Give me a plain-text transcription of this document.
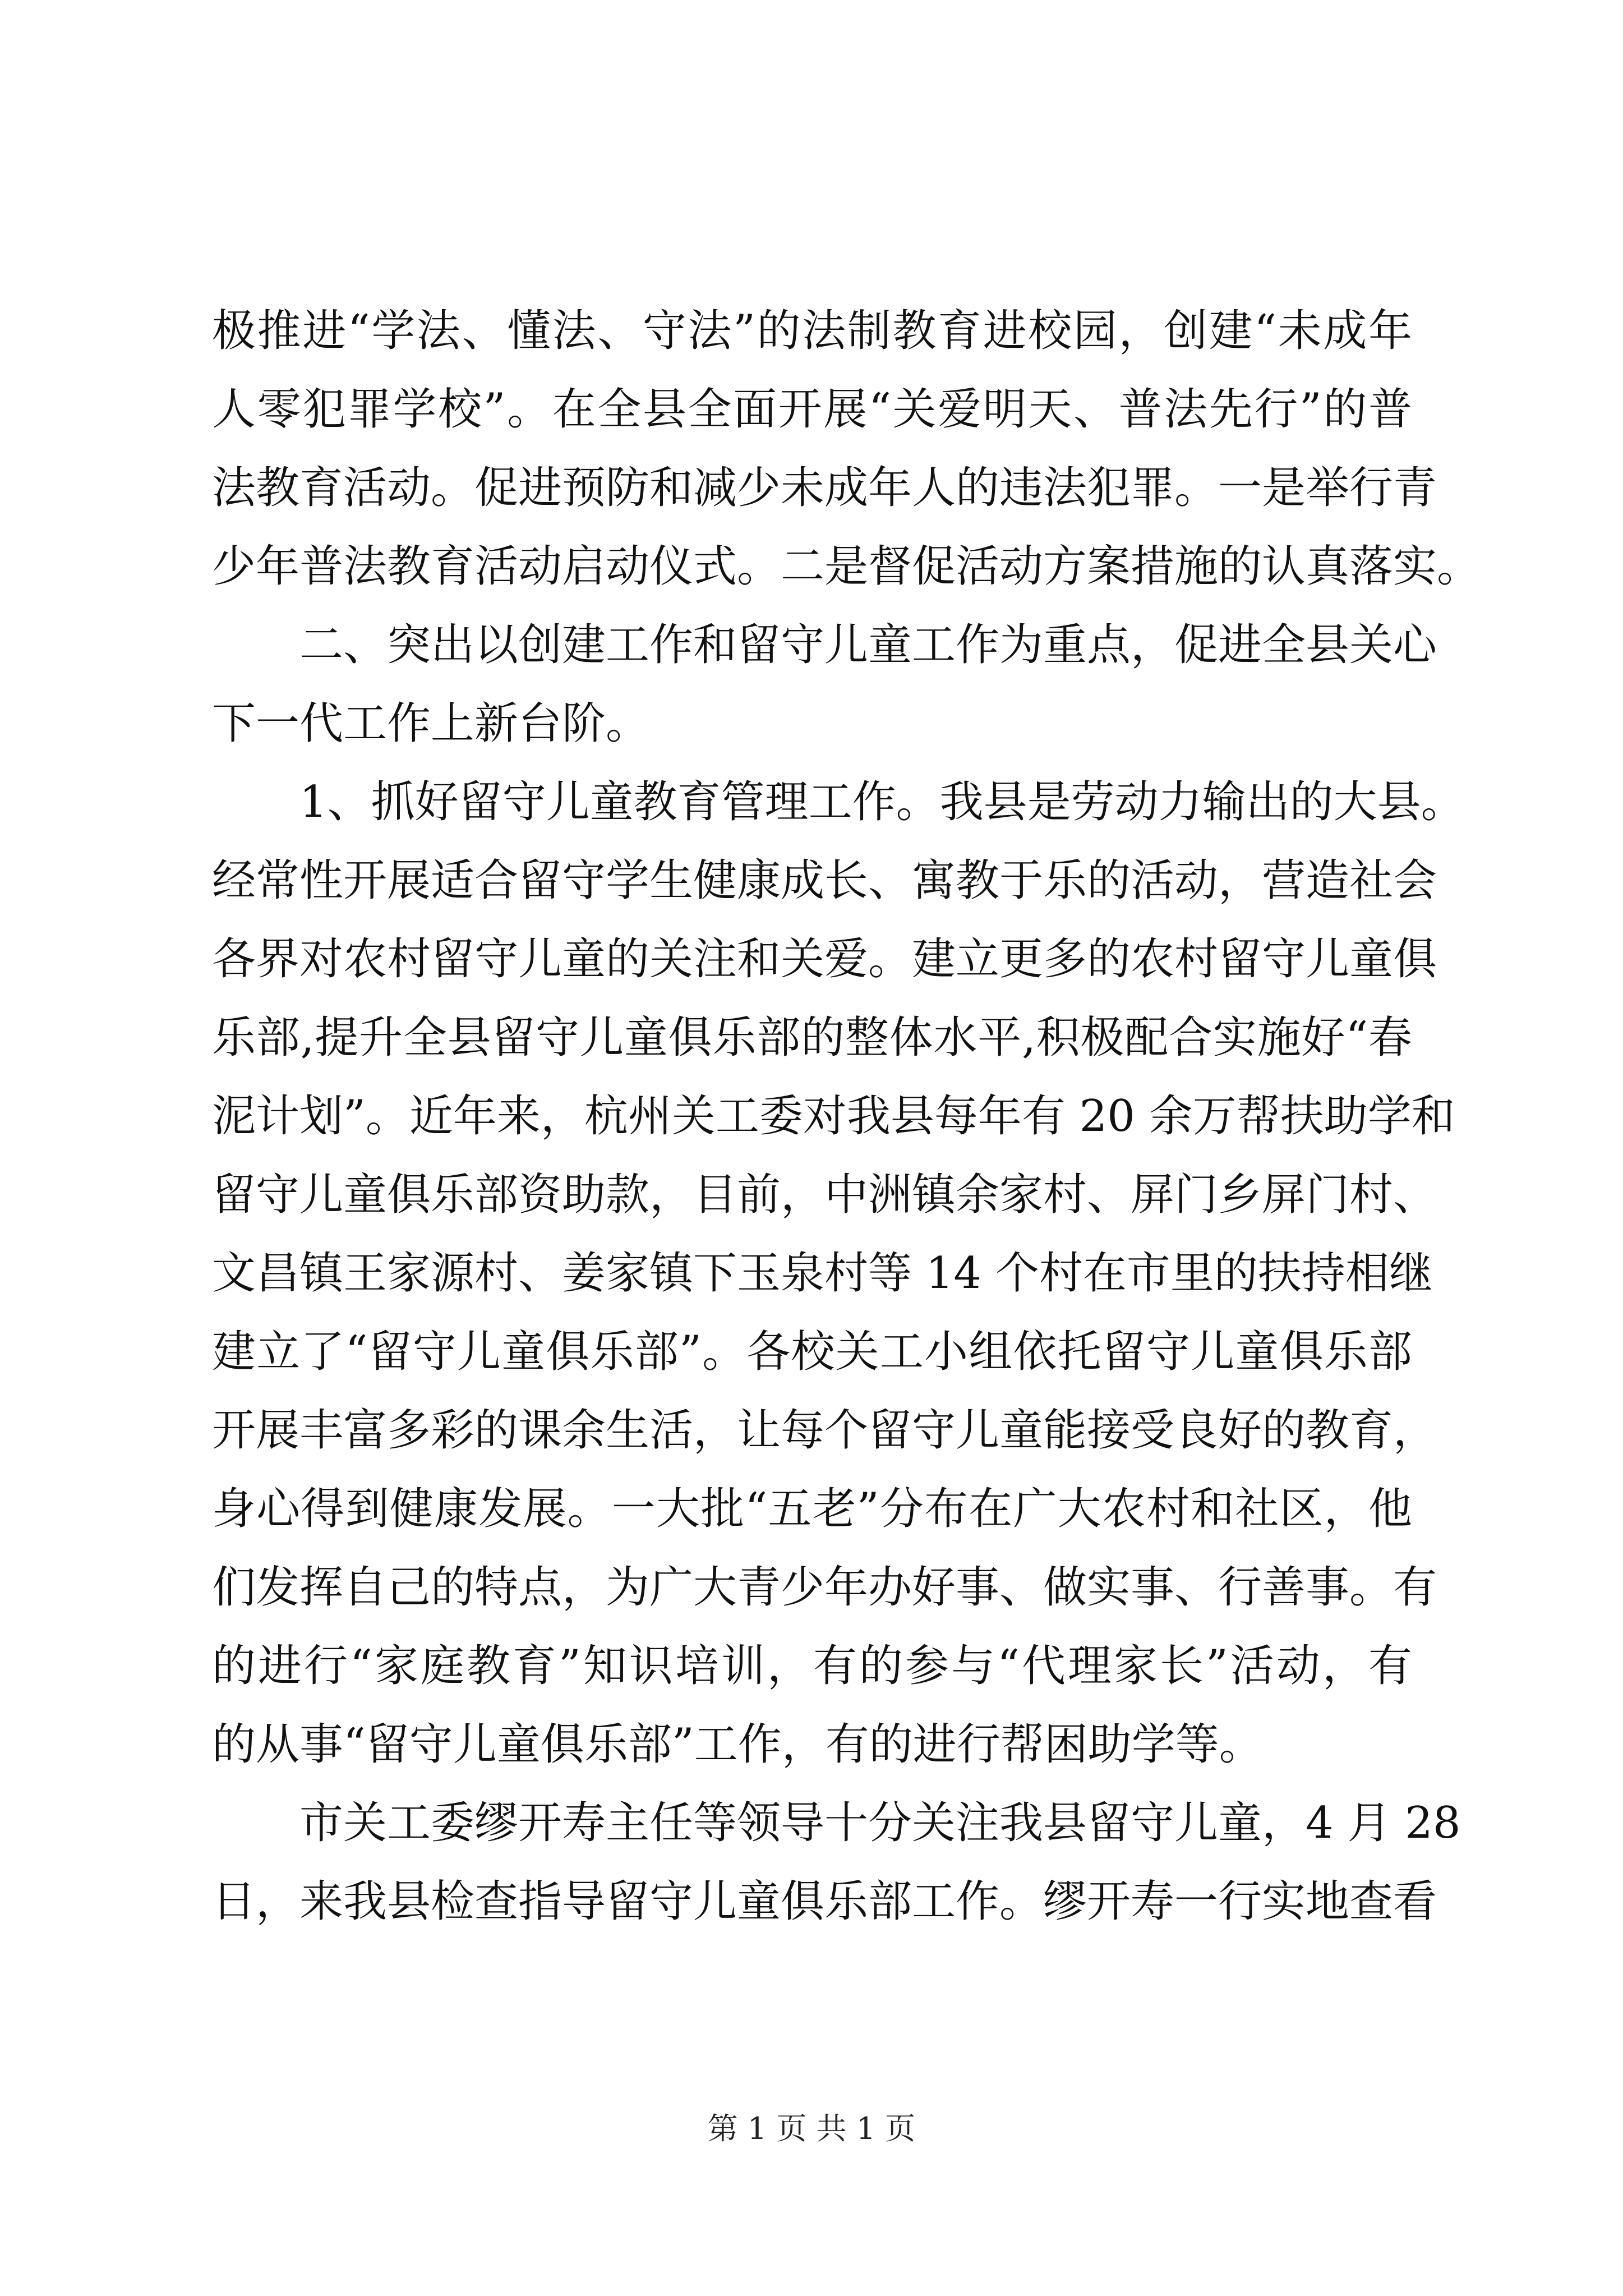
极推进“学法、懂法、守法”的法制教育进校园，创建“未成年
人零犯罪学校”。在全县全面开展“关爱明天、普法先行”的普
法教育活动。促进预防和减少未成年人的违法犯罪。一是举行青
少年普法教育活动启动仪式。二是督促活动方案措施的认真落实。
二、突出以创建工作和留守儿童工作为重点，促进全县关心
下一代工作上新台阶。
1、抓好留守儿童教育管理工作。我县是劳动力输出的大县。
经常性开展适合留守学生健康成长、寓教于乐的活动，营造社会
各界对农村留守儿童的关注和关爱。建立更多的农村留守儿童俱
乐部,提升全县留守儿童俱乐部的整体水平,积极配合实施好“春
泥计划”。近年来，杭州关工委对我县每年有 20 余万帮扶助学和
留守儿童俱乐部资助款，目前，中洲镇余家村、屏门乡屏门村、
文昌镇王家源村、姜家镇下玉泉村等 14 个村在市里的扶持相继
建立了“留守儿童俱乐部”。各校关工小组依托留守儿童俱乐部
开展丰富多彩的课余生活，让每个留守儿童能接受良好的教育，
身心得到健康发展。一大批“五老”分布在广大农村和社区，他
们发挥自己的特点，为广大青少年办好事、做实事、行善事。有
的进行“家庭教育”知识培训，有的参与“代理家长”活动，有
的从事“留守儿童俱乐部”工作，有的进行帮困助学等。
市关工委缪开寿主任等领导十分关注我县留守儿童，4 月 28
日，来我县检查指导留守儿童俱乐部工作。缪开寿一行实地查看
第 1 页 共 1 页
